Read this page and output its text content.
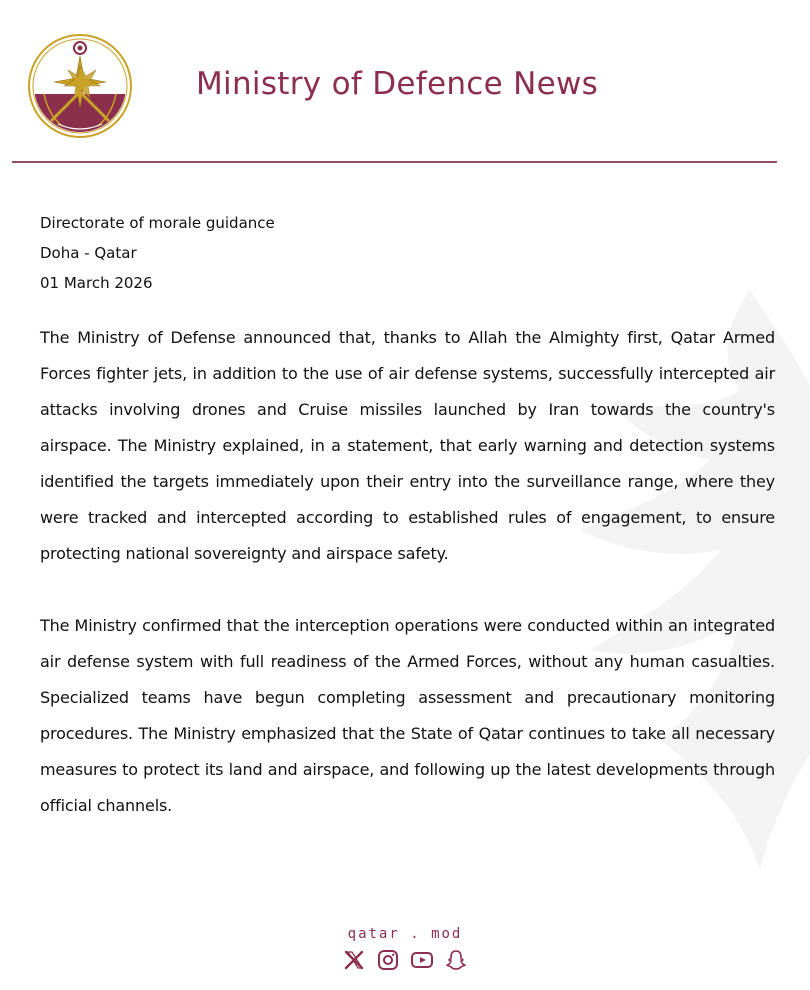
Ministry of Defence News
Directorate of morale guidance
Doha - Qatar
01 March 2026

The Ministry of Defense announced that, thanks to Allah the Almighty first, Qatar Armed Forces fighter jets, in addition to the use of air defense systems, successfully intercepted air attacks involving drones and Cruise missiles launched by Iran towards the country's airspace. The Ministry explained, in a statement, that early warning and detection systems identified the targets immediately upon their entry into the surveillance range, where they were tracked and intercepted according to established rules of engagement, to ensure protecting national sovereignty and airspace safety.

The Ministry confirmed that the interception operations were conducted within an integrated air defense system with full readiness of the Armed Forces, without any human casualties. Specialized teams have begun completing assessment and precautionary monitoring procedures. The Ministry emphasized that the State of Qatar continues to take all necessary measures to protect its land and airspace, and following up the latest developments through official channels.

qatar . mod
